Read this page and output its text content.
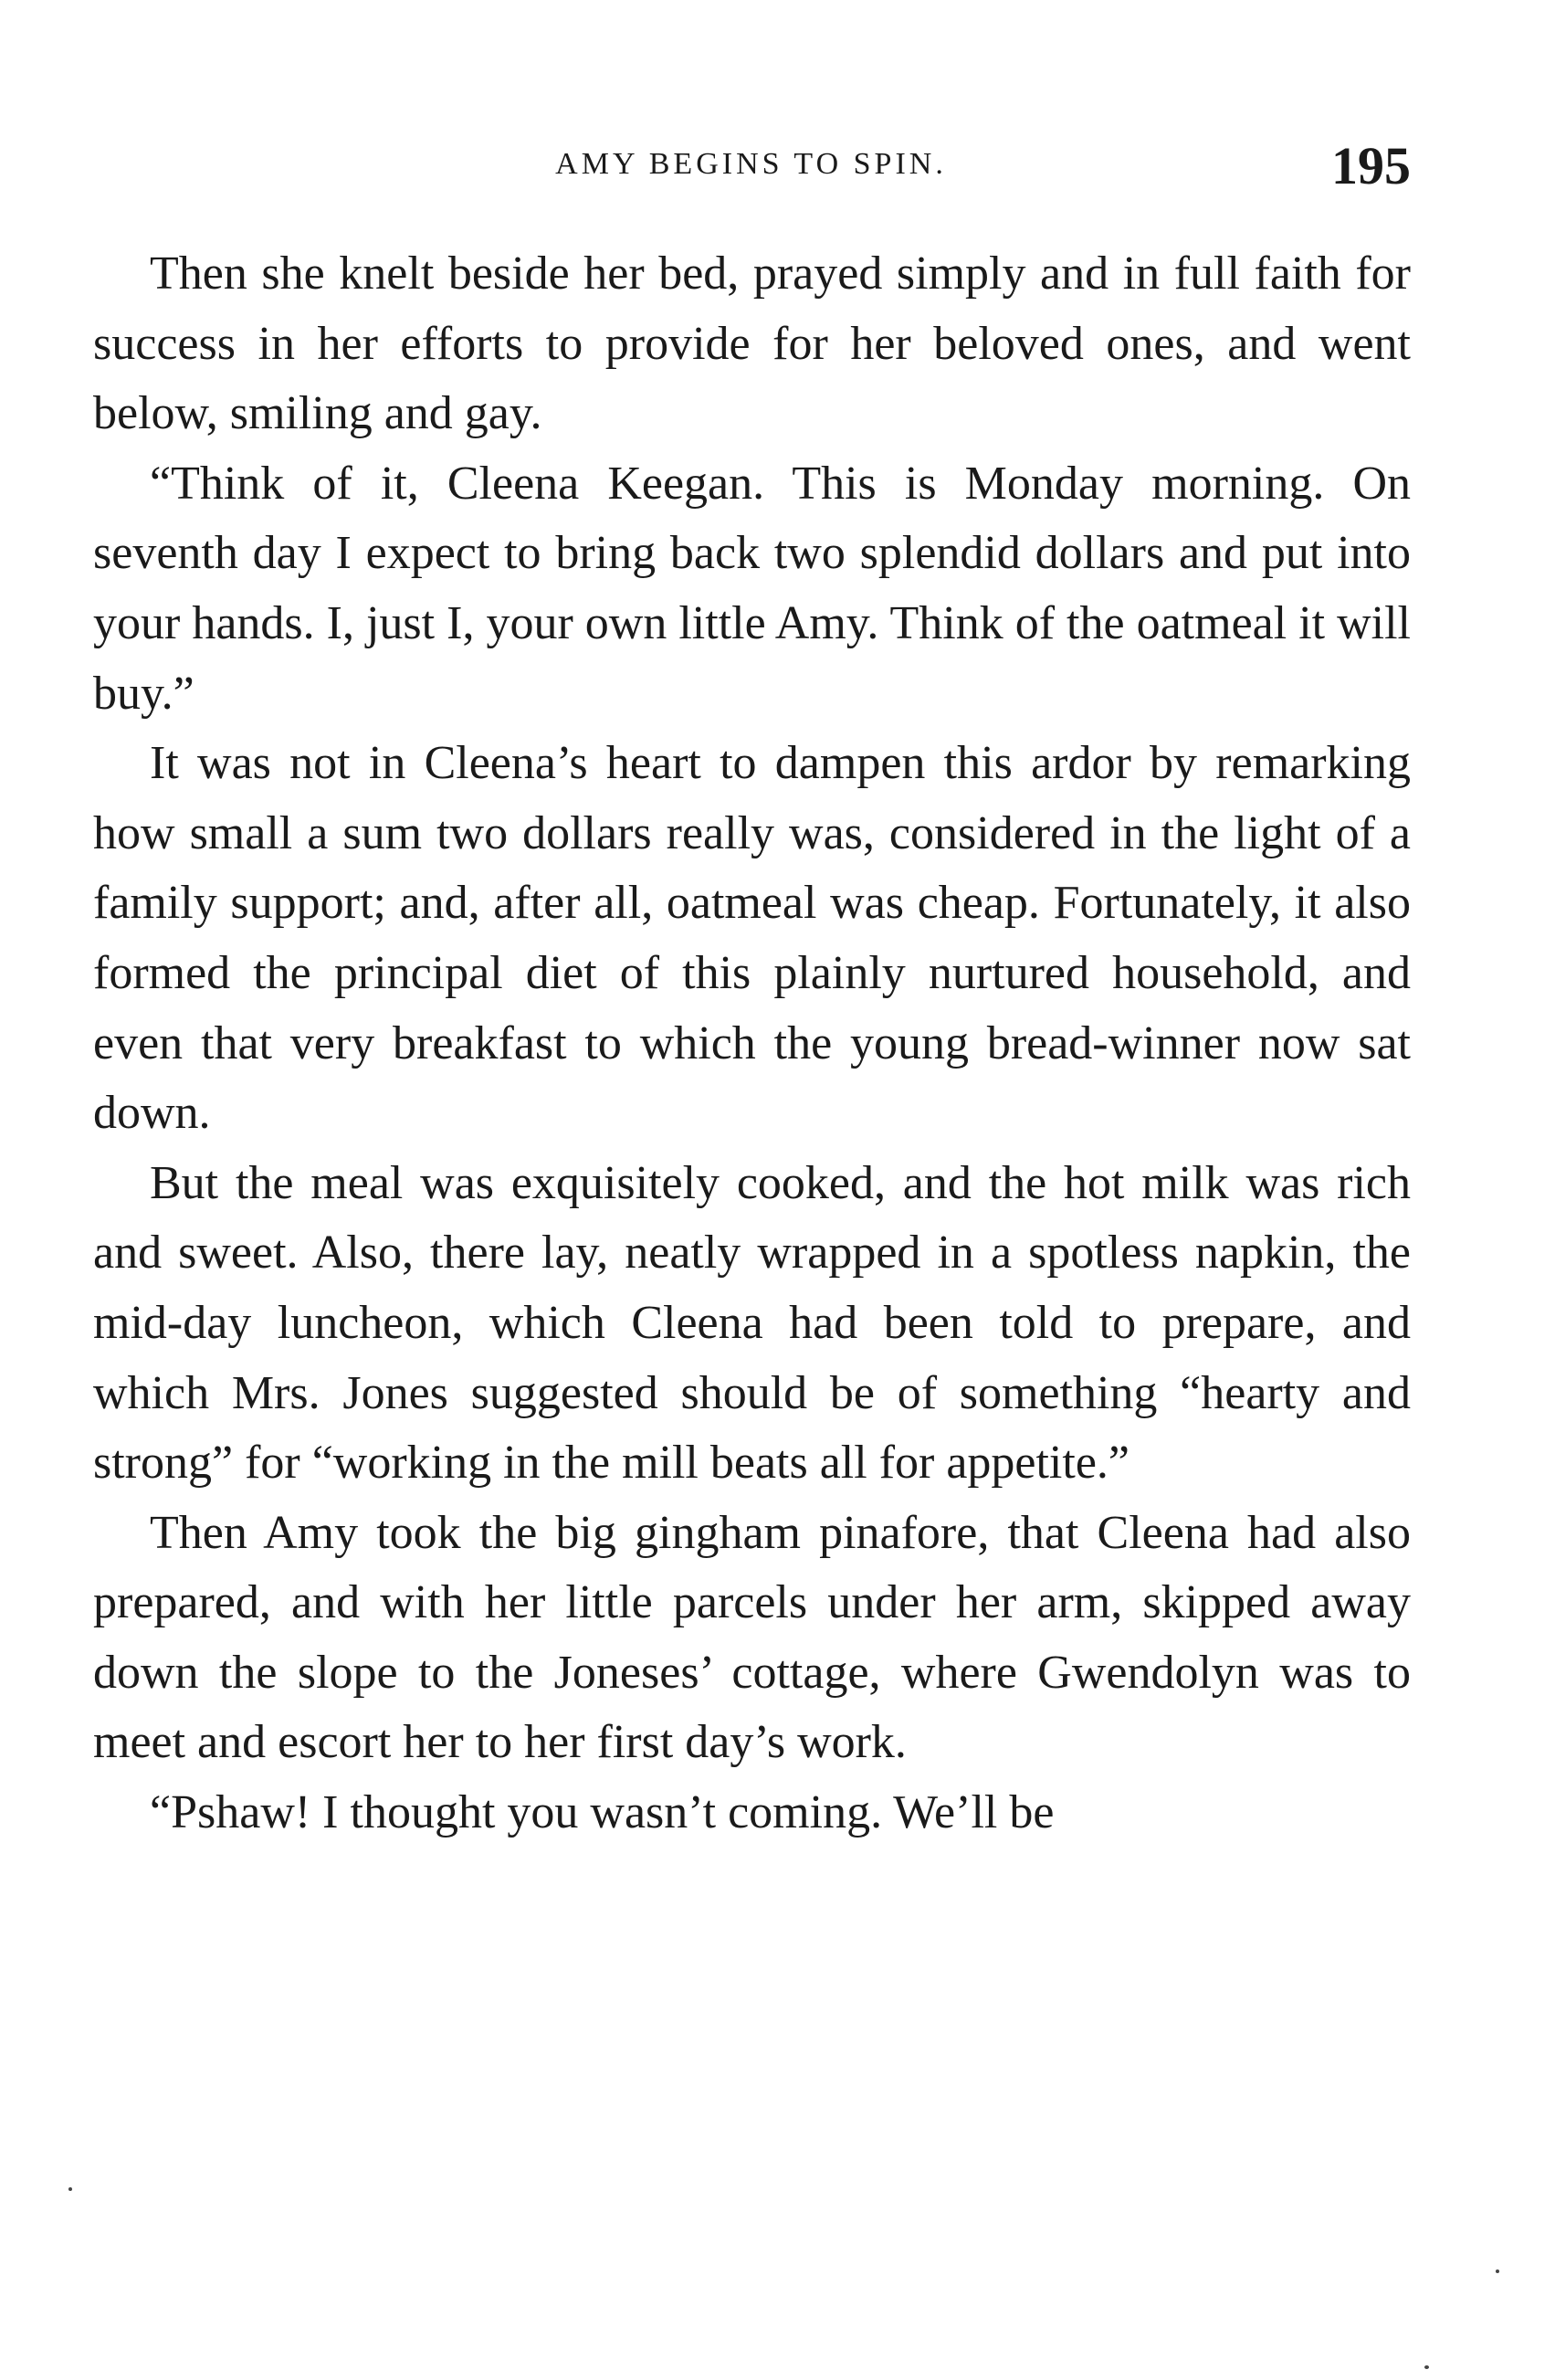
AMY BEGINS TO SPIN.	195

Then she knelt beside her bed, prayed simply and in full faith for success in her efforts to provide for her beloved ones, and went below, smiling and gay.

“Think of it, Cleena Keegan. This is Monday morning. On seventh day I expect to bring back two splendid dollars and put into your hands. I, just I, your own little Amy. Think of the oatmeal it will buy.”

It was not in Cleena’s heart to dampen this ardor by remarking how small a sum two dollars really was, considered in the light of a family support; and, after all, oatmeal was cheap. Fortunately, it also formed the principal diet of this plainly nurtured household, and even that very breakfast to which the young bread-winner now sat down.

But the meal was exquisitely cooked, and the hot milk was rich and sweet. Also, there lay, neatly wrapped in a spotless napkin, the mid-day luncheon, which Cleena had been told to prepare, and which Mrs. Jones suggested should be of something “hearty and strong” for “working in the mill beats all for appetite.”

Then Amy took the big gingham pinafore, that Cleena had also prepared, and with her little parcels under her arm, skipped away down the slope to the Joneses’ cottage, where Gwendolyn was to meet and escort her to her first day’s work.

“Pshaw! I thought you wasn’t coming. We’ll be
